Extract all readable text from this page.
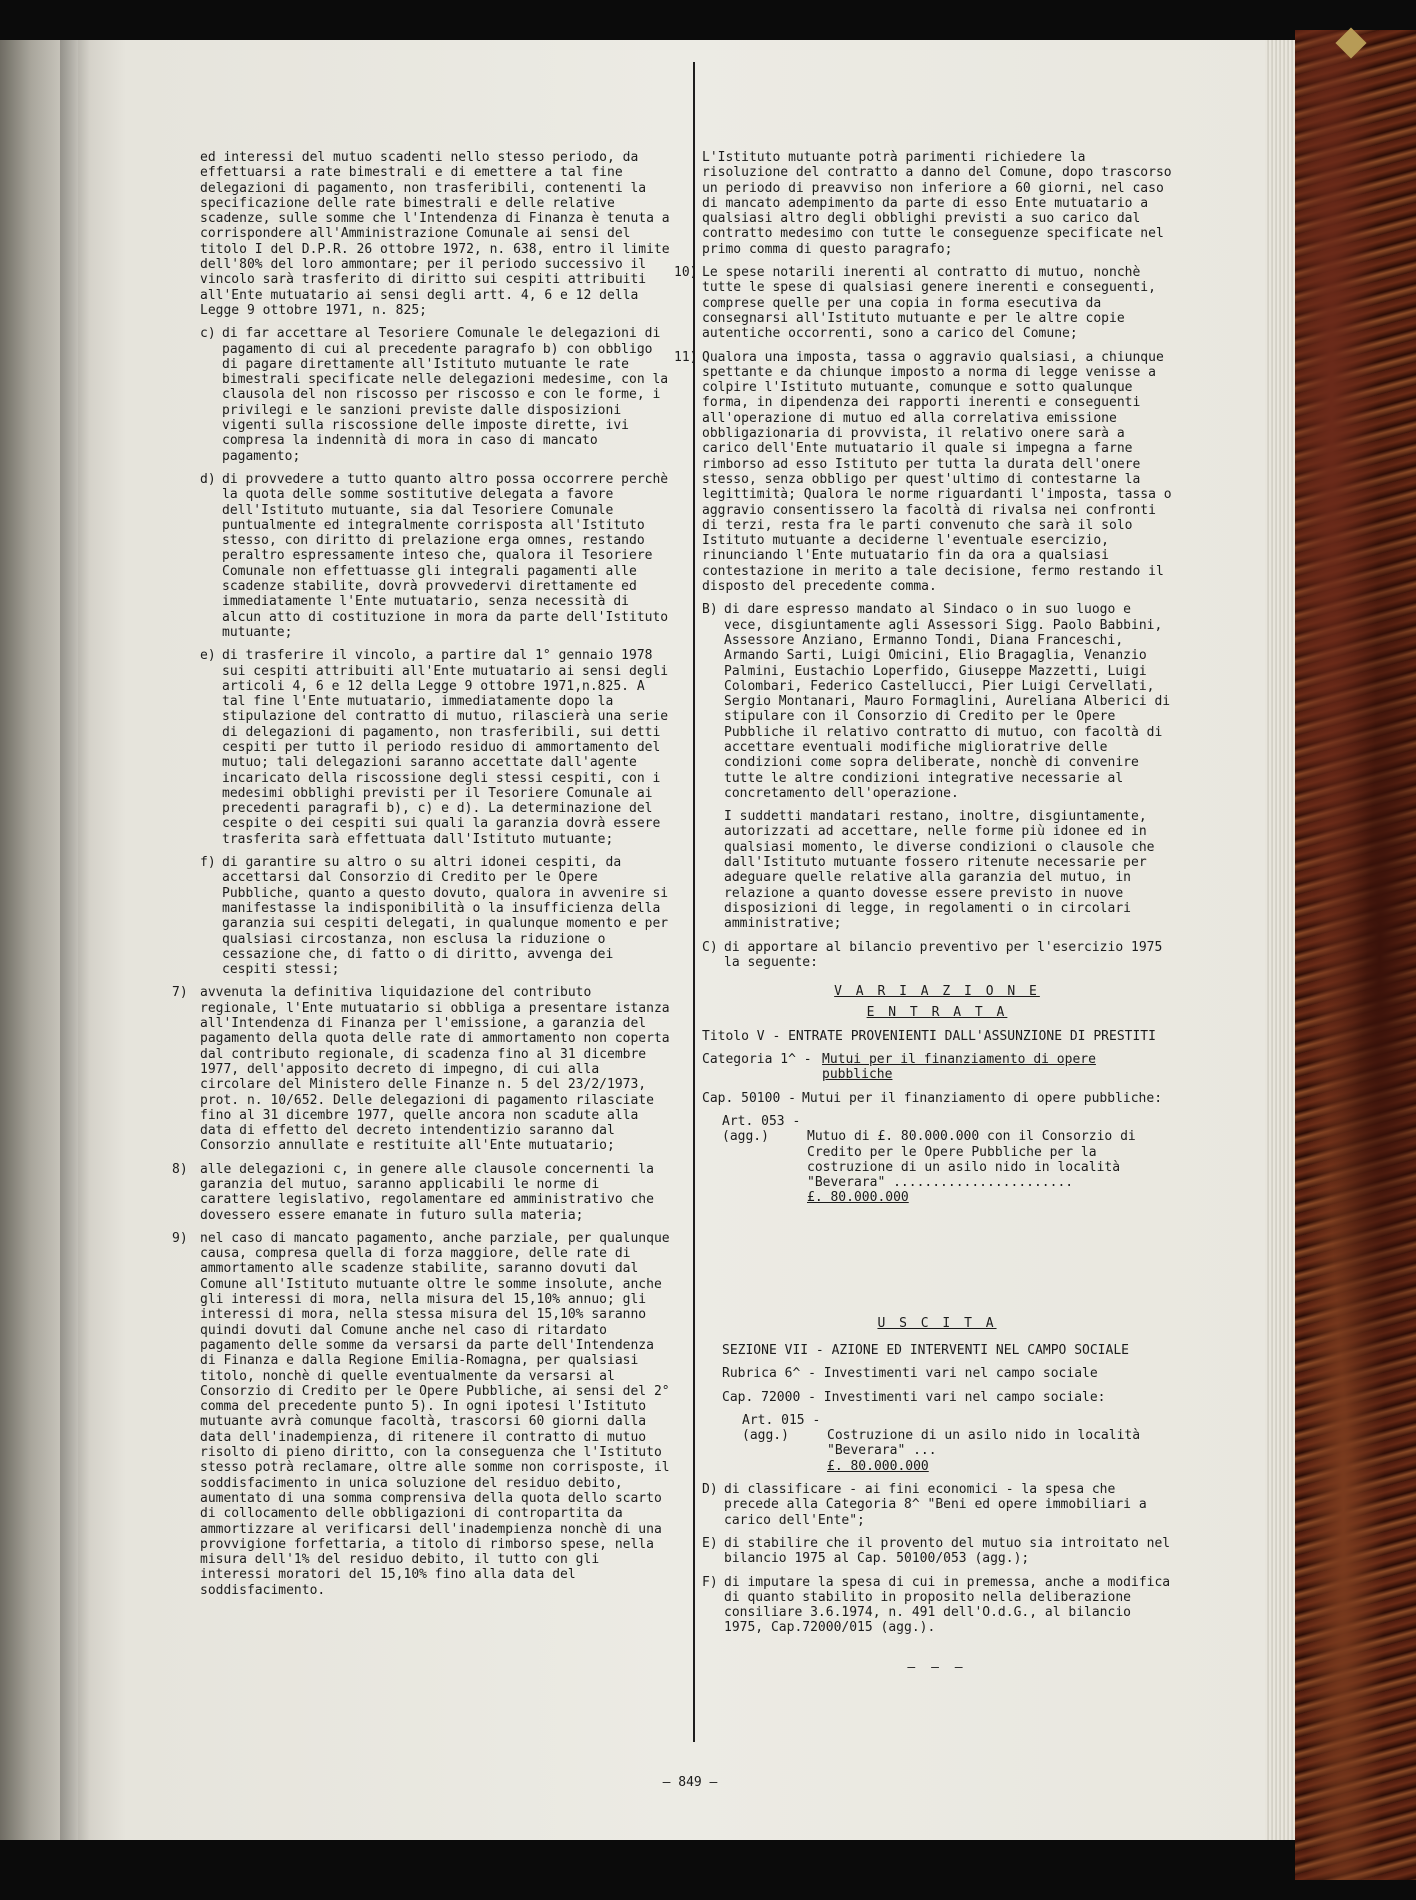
ed interessi del mutuo scadenti nello stesso periodo, da effettuarsi a rate bimestrali e di emettere a tal fine delegazioni di pagamento, non trasferibili, contenenti la specificazione delle rate bimestrali e delle relative scadenze, sulle somme che l'Intendenza di Finanza è tenuta a corrispondere all'Amministrazione Comunale ai sensi del titolo I del D.P.R. 26 ottobre 1972, n. 638, entro il limite dell'80% del loro ammontare; per il periodo successivo il vincolo sarà trasferito di diritto sui cespiti attribuiti all'Ente mutuatario ai sensi degli artt. 4, 6 e 12 della Legge 9 ottobre 1971, n. 825;

c) di far accettare al Tesoriere Comunale le delegazioni di pagamento di cui al precedente paragrafo b) con obbligo di pagare direttamente all'Istituto mutuante le rate bimestrali specificate nelle delegazioni medesime, con la clausola del non riscosso per riscosso e con le forme, i privilegi e le sanzioni previste dalle disposizioni vigenti sulla riscossione delle imposte dirette, ivi compresa la indennità di mora in caso di mancato pagamento;
d) di provvedere a tutto quanto altro possa occorrere perchè la quota delle somme sostitutive delegata a favore dell'Istituto mutuante, sia dal Tesoriere Comunale puntualmente ed integralmente corrisposta all'Istituto stesso, con diritto di prelazione erga omnes, restando peraltro espressamente inteso che, qualora il Tesoriere Comunale non effettuasse gli integrali pagamenti alle scadenze stabilite, dovrà provvedervi direttamente ed immediatamente l'Ente mutuatario, senza necessità di alcun atto di costituzione in mora da parte dell'Istituto mutuante;
e) di trasferire il vincolo, a partire dal 1° gennaio 1978 sui cespiti attribuiti all'Ente mutuatario ai sensi degli articoli 4, 6 e 12 della Legge 9 ottobre 1971,n.825. A tal fine l'Ente mutuatario, immediatamente dopo la stipulazione del contratto di mutuo, rilascierà una serie di delegazioni di pagamento, non trasferibili, sui detti cespiti per tutto il periodo residuo di ammortamento del mutuo; tali delegazioni saranno accettate dall'agente incaricato della riscossione degli stessi cespiti, con i medesimi obblighi previsti per il Tesoriere Comunale ai precedenti paragrafi b), c) e d). La determinazione del cespite o dei cespiti sui quali la garanzia dovrà essere trasferita sarà effettuata dall'Istituto mutuante;
f) di garantire su altro o su altri idonei cespiti, da accettarsi dal Consorzio di Credito per le Opere Pubbliche, quanto a questo dovuto, qualora in avvenire si manifestasse la indisponibilità o la insufficienza della garanzia sui cespiti delegati, in qualunque momento e per qualsiasi circostanza, non esclusa la riduzione o cessazione che, di fatto o di diritto, avvenga dei cespiti stessi;
7) avvenuta la definitiva liquidazione del contributo regionale, l'Ente mutuatario si obbliga a presentare istanza all'Intendenza di Finanza per l'emissione, a garanzia del pagamento della quota delle rate di ammortamento non coperta dal contributo regionale, di scadenza fino al 31 dicembre 1977, dell'apposito decreto di impegno, di cui alla circolare del Ministero delle Finanze n. 5 del 23/2/1973, prot. n. 10/652. Delle delegazioni di pagamento rilasciate fino al 31 dicembre 1977, quelle ancora non scadute alla data di effetto del decreto intendentizio saranno dal Consorzio annullate e restituite all'Ente mutuatario;
8) alle delegazioni c, in genere alle clausole concernenti la garanzia del mutuo, saranno applicabili le norme di carattere legislativo, regolamentare ed amministrativo che dovessero essere emanate in futuro sulla materia;
9) nel caso di mancato pagamento, anche parziale, per qualunque causa, compresa quella di forza maggiore, delle rate di ammortamento alle scadenze stabilite, saranno dovuti dal Comune all'Istituto mutuante oltre le somme insolute, anche gli interessi di mora, nella misura del 15,10% annuo; gli interessi di mora, nella stessa misura del 15,10% saranno quindi dovuti dal Comune anche nel caso di ritardato pagamento delle somme da versarsi da parte dell'Intendenza di Finanza e dalla Regione Emilia-Romagna, per qualsiasi titolo, nonchè di quelle eventualmente da versarsi al Consorzio di Credito per le Opere Pubbliche, ai sensi del 2° comma del precedente punto 5). In ogni ipotesi l'Istituto mutuante avrà comunque facoltà, trascorsi 60 giorni dalla data dell'inadempienza, di ritenere il contratto di mutuo risolto di pieno diritto, con la conseguenza che l'Istituto stesso potrà reclamare, oltre alle somme non corrisposte, il soddisfacimento in unica soluzione del residuo debito, aumentato di una somma comprensiva della quota dello scarto di collocamento delle obbligazioni di contropartita da ammortizzare al verificarsi dell'inadempienza nonchè di una provvigione forfettaria, a titolo di rimborso spese, nella misura dell'1% del residuo debito, il tutto con gli interessi moratori del 15,10% fino alla data del soddisfacimento.

L'Istituto mutuante potrà parimenti richiedere la risoluzione del contratto a danno del Comune, dopo trascorso un periodo di preavviso non inferiore a 60 giorni, nel caso di mancato adempimento da parte di esso Ente mutuatario a qualsiasi altro degli obblighi previsti a suo carico dal contratto medesimo con tutte le conseguenze specificate nel primo comma di questo paragrafo;

10) Le spese notarili inerenti al contratto di mutuo, nonchè tutte le spese di qualsiasi genere inerenti e conseguenti, comprese quelle per una copia in forma esecutiva da consegnarsi all'Istituto mutuante e per le altre copie autentiche occorrenti, sono a carico del Comune;
11) Qualora una imposta, tassa o aggravio qualsiasi, a chiunque spettante e da chiunque imposto a norma di legge venisse a colpire l'Istituto mutuante, comunque e sotto qualunque forma, in dipendenza dei rapporti inerenti e conseguenti all'operazione di mutuo ed alla correlativa emissione obbligazionaria di provvista, il relativo onere sarà a carico dell'Ente mutuatario il quale si impegna a farne rimborso ad esso Istituto per tutta la durata dell'onere stesso, senza obbligo per quest'ultimo di contestarne la legittimità; Qualora le norme riguardanti l'imposta, tassa o aggravio consentissero la facoltà di rivalsa nei confronti di terzi, resta fra le parti convenuto che sarà il solo Istituto mutuante a deciderne l'eventuale esercizio, rinunciando l'Ente mutuatario fin da ora a qualsiasi contestazione in merito a tale decisione, fermo restando il disposto del precedente comma.
B) di dare espresso mandato al Sindaco o in suo luogo e vece, disgiuntamente agli Assessori Sigg. Paolo Babbini, Assessore Anziano, Ermanno Tondi, Diana Franceschi, Armando Sarti, Luigi Omicini, Elio Bragaglia, Venanzio Palmini, Eustachio Loperfido, Giuseppe Mazzetti, Luigi Colombari, Federico Castellucci, Pier Luigi Cervellati, Sergio Montanari, Mauro Formaglini, Aureliana Alberici di stipulare con il Consorzio di Credito per le Opere Pubbliche il relativo contratto di mutuo, con facoltà di accettare eventuali modifiche miglioratrive delle condizioni come sopra deliberate, nonchè di convenire tutte le altre condizioni integrative necessarie al concretamento dell'operazione.
I suddetti mandatari restano, inoltre, disgiuntamente, autorizzati ad accettare, nelle forme più idonee ed in qualsiasi momento, le diverse condizioni o clausole che dall'Istituto mutuante fossero ritenute necessarie per adeguare quelle relative alla garanzia del mutuo, in relazione a quanto dovesse essere previsto in nuove disposizioni di legge, in regolamenti o in circolari amministrative;
C) di apportare al bilancio preventivo per l'esercizio 1975 la seguente:
V A R I A Z I O N E
E N T R A T A

Titolo V - ENTRATE PROVENIENTI DALL'ASSUNZIONE DI PRESTITI

Categoria 1^ - Mutui per il finanziamento di opere pubbliche
Cap. 50100 - Mutui per il finanziamento di opere pubbliche:
Art. 053 -
(agg.)	Mutuo di £. 80.000.000 con il Consorzio di Credito per le Opere Pubbliche per la costruzione di un asilo nido in località "Beverara" .......................
£. 80.000.000

U S C I T A

SEZIONE VII - AZIONE ED INTERVENTI NEL CAMPO SOCIALE

Rubrica 6^ - Investimenti vari nel campo sociale

Cap. 72000 - Investimenti vari nel campo sociale:

Art. 015 -
(agg.)	Costruzione di un asilo nido in località "Beverara" ...
£. 80.000.000

D) di classificare - ai fini economici - la spesa che precede alla Categoria 8^ "Beni ed opere immobiliari a carico dell'Ente";
E) di stabilire che il provento del mutuo sia introitato nel bilancio 1975 al Cap. 50100/053 (agg.);
F) di imputare la spesa di cui in premessa, anche a modifica di quanto stabilito in proposito nella deliberazione consiliare 3.6.1974, n. 491 dell'O.d.G., al bilancio 1975, Cap.72000/015 (agg.).
— — —
— 849 —
